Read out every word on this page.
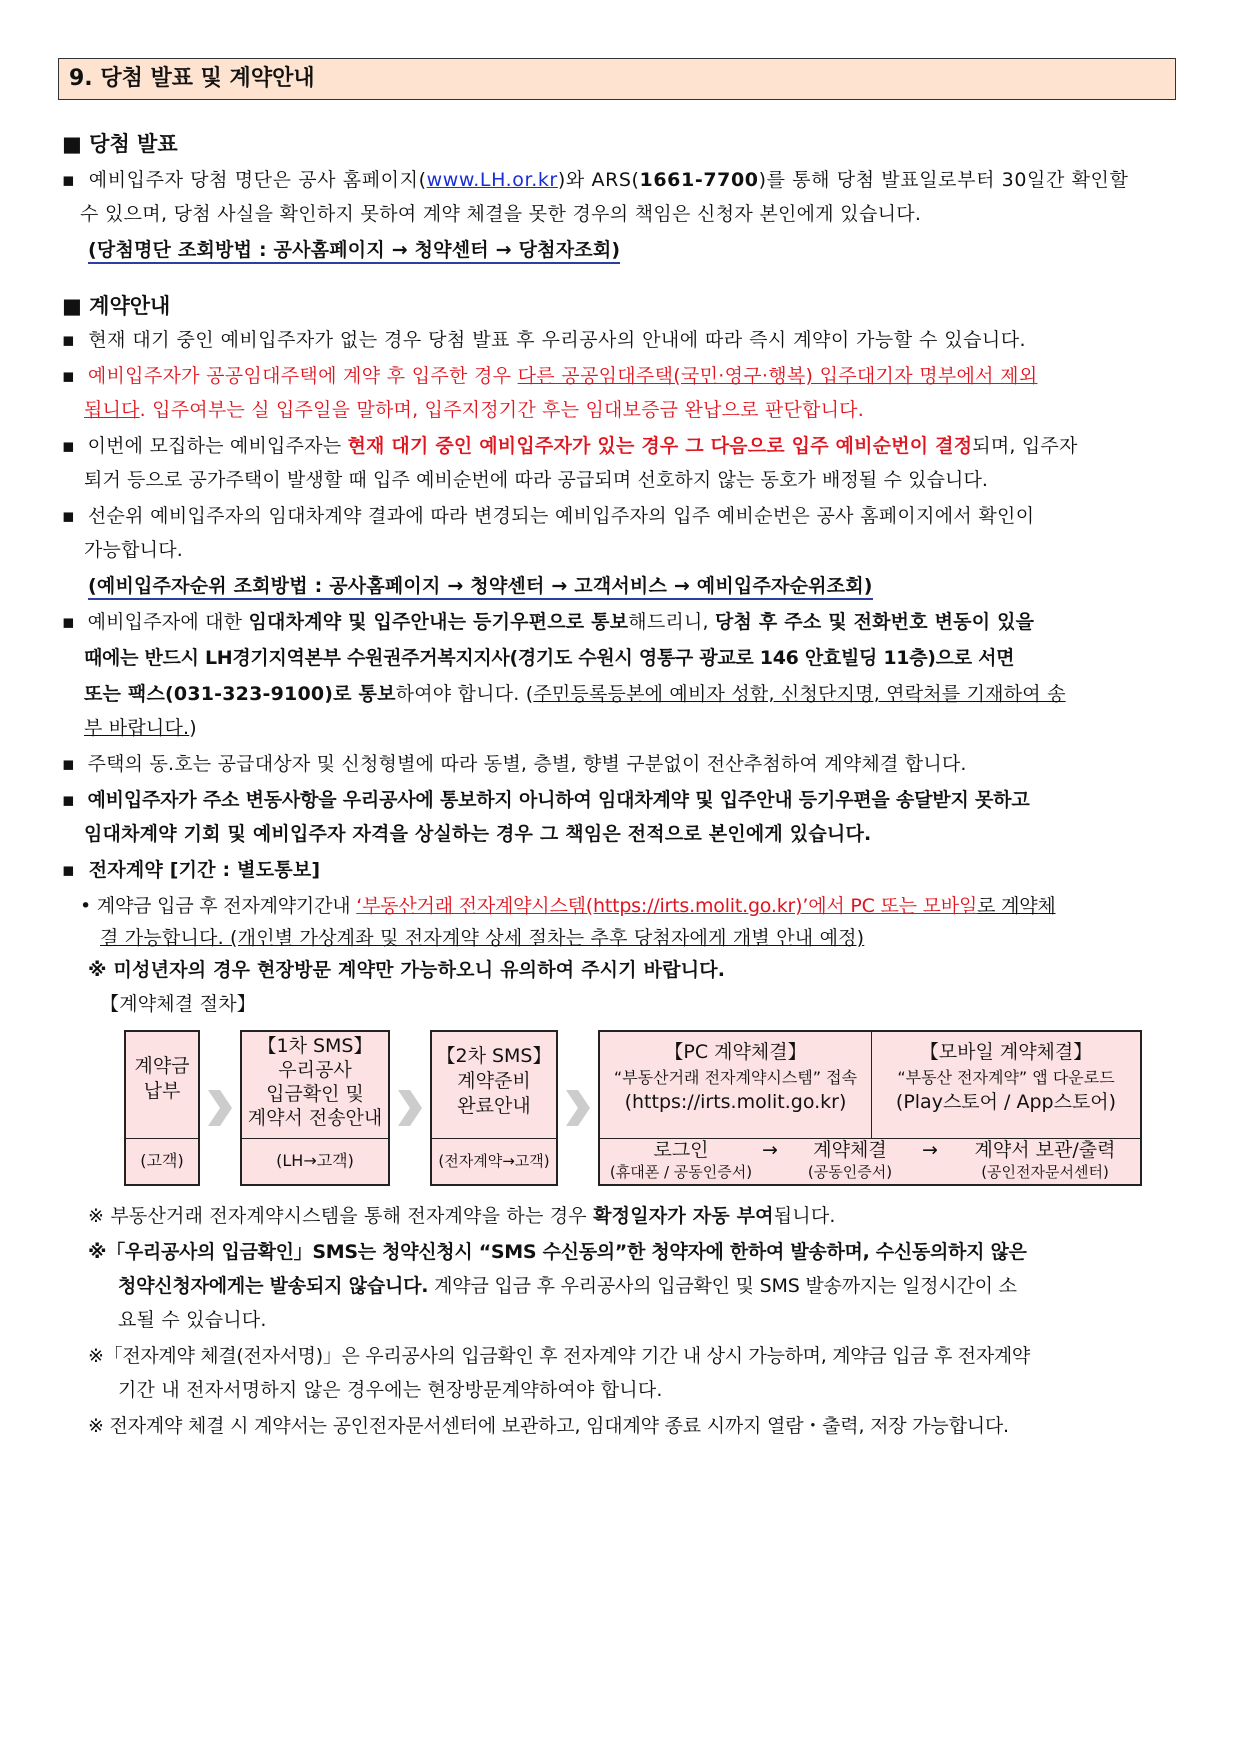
9. 당첨 발표 및 계약안내
■ 당첨 발표
▪ 예비입주자 당첨 명단은 공사 홈페이지(www.LH.or.kr)와 ARS(1661-7700)를 통해 당첨 발표일로부터 30일간 확인할
수 있으며, 당첨 사실을 확인하지 못하여 계약 체결을 못한 경우의 책임은 신청자 본인에게 있습니다.
(당첨명단 조회방법 : 공사홈페이지 → 청약센터 → 당첨자조회)
■ 계약안내
▪ 현재 대기 중인 예비입주자가 없는 경우 당첨 발표 후 우리공사의 안내에 따라 즉시 계약이 가능할 수 있습니다.
▪ 예비입주자가 공공임대주택에 계약 후 입주한 경우 다른 공공임대주택(국민·영구·행복) 입주대기자 명부에서 제외
됩니다. 입주여부는 실 입주일을 말하며, 입주지정기간 후는 임대보증금 완납으로 판단합니다.
▪ 이번에 모집하는 예비입주자는 현재 대기 중인 예비입주자가 있는 경우 그 다음으로 입주 예비순번이 결정되며, 입주자
퇴거 등으로 공가주택이 발생할 때 입주 예비순번에 따라 공급되며 선호하지 않는 동호가 배정될 수 있습니다.
▪ 선순위 예비입주자의 임대차계약 결과에 따라 변경되는 예비입주자의 입주 예비순번은 공사 홈페이지에서 확인이
가능합니다.
(예비입주자순위 조회방법 : 공사홈페이지 → 청약센터 → 고객서비스 → 예비입주자순위조회)
▪ 예비입주자에 대한 임대차계약 및 입주안내는 등기우편으로 통보해드리니, 당첨 후 주소 및 전화번호 변동이 있을
때에는 반드시 LH경기지역본부 수원권주거복지지사(경기도 수원시 영통구 광교로 146 안효빌딩 11층)으로 서면
또는 팩스(031-323-9100)로 통보하여야 합니다. (주민등록등본에 예비자 성함, 신청단지명, 연락처를 기재하여 송
부 바랍니다.)
▪ 주택의 동.호는 공급대상자 및 신청형별에 따라 동별, 층별, 향별 구분없이 전산추첨하여 계약체결 합니다.
▪ 예비입주자가 주소 변동사항을 우리공사에 통보하지 아니하여 임대차계약 및 입주안내 등기우편을 송달받지 못하고
임대차계약 기회 및 예비입주자 자격을 상실하는 경우 그 책임은 전적으로 본인에게 있습니다.
▪ 전자계약 [기간 : 별도통보]
• 계약금 입금 후 전자계약기간내 ‘부동산거래 전자계약시스템(https://irts.molit.go.kr)’에서 PC 또는 모바일로 계약체
결 가능합니다. (개인별 가상계좌 및 전자계약 상세 절차는 추후 당첨자에게 개별 안내 예정)
※ 미성년자의 경우 현장방문 계약만 가능하오니 유의하여 주시기 바랍니다.
【계약체결 절차】
계약금
납부
(고객)
【1차 SMS】
우리공사
입금확인 및
계약서 전송안내
(LH→고객)
【2차 SMS】
계약준비
완료안내
(전자계약→고객)
【PC 계약체결】
“부동산거래 전자계약시스템” 접속
(https://irts.molit.go.kr)
【모바일 계약체결】
“부동산 전자계약” 앱 다운로드
(Play스토어 / App스토어)
로그인
(휴대폰 / 공동인증서)
→	계약체결
(공동인증서)
→	계약서 보관/출력
(공인전자문서센터)
※ 부동산거래 전자계약시스템을 통해 전자계약을 하는 경우 확정일자가 자동 부여됩니다.
※「우리공사의 입금확인」SMS는 청약신청시 “SMS 수신동의”한 청약자에 한하여 발송하며, 수신동의하지 않은
청약신청자에게는 발송되지 않습니다. 계약금 입금 후 우리공사의 입금확인 및 SMS 발송까지는 일정시간이 소
요될 수 있습니다.
※「전자계약 체결(전자서명)」은 우리공사의 입금확인 후 전자계약 기간 내 상시 가능하며, 계약금 입금 후 전자계약
기간 내 전자서명하지 않은 경우에는 현장방문계약하여야 합니다.
※ 전자계약 체결 시 계약서는 공인전자문서센터에 보관하고, 임대계약 종료 시까지 열람・출력, 저장 가능합니다.
